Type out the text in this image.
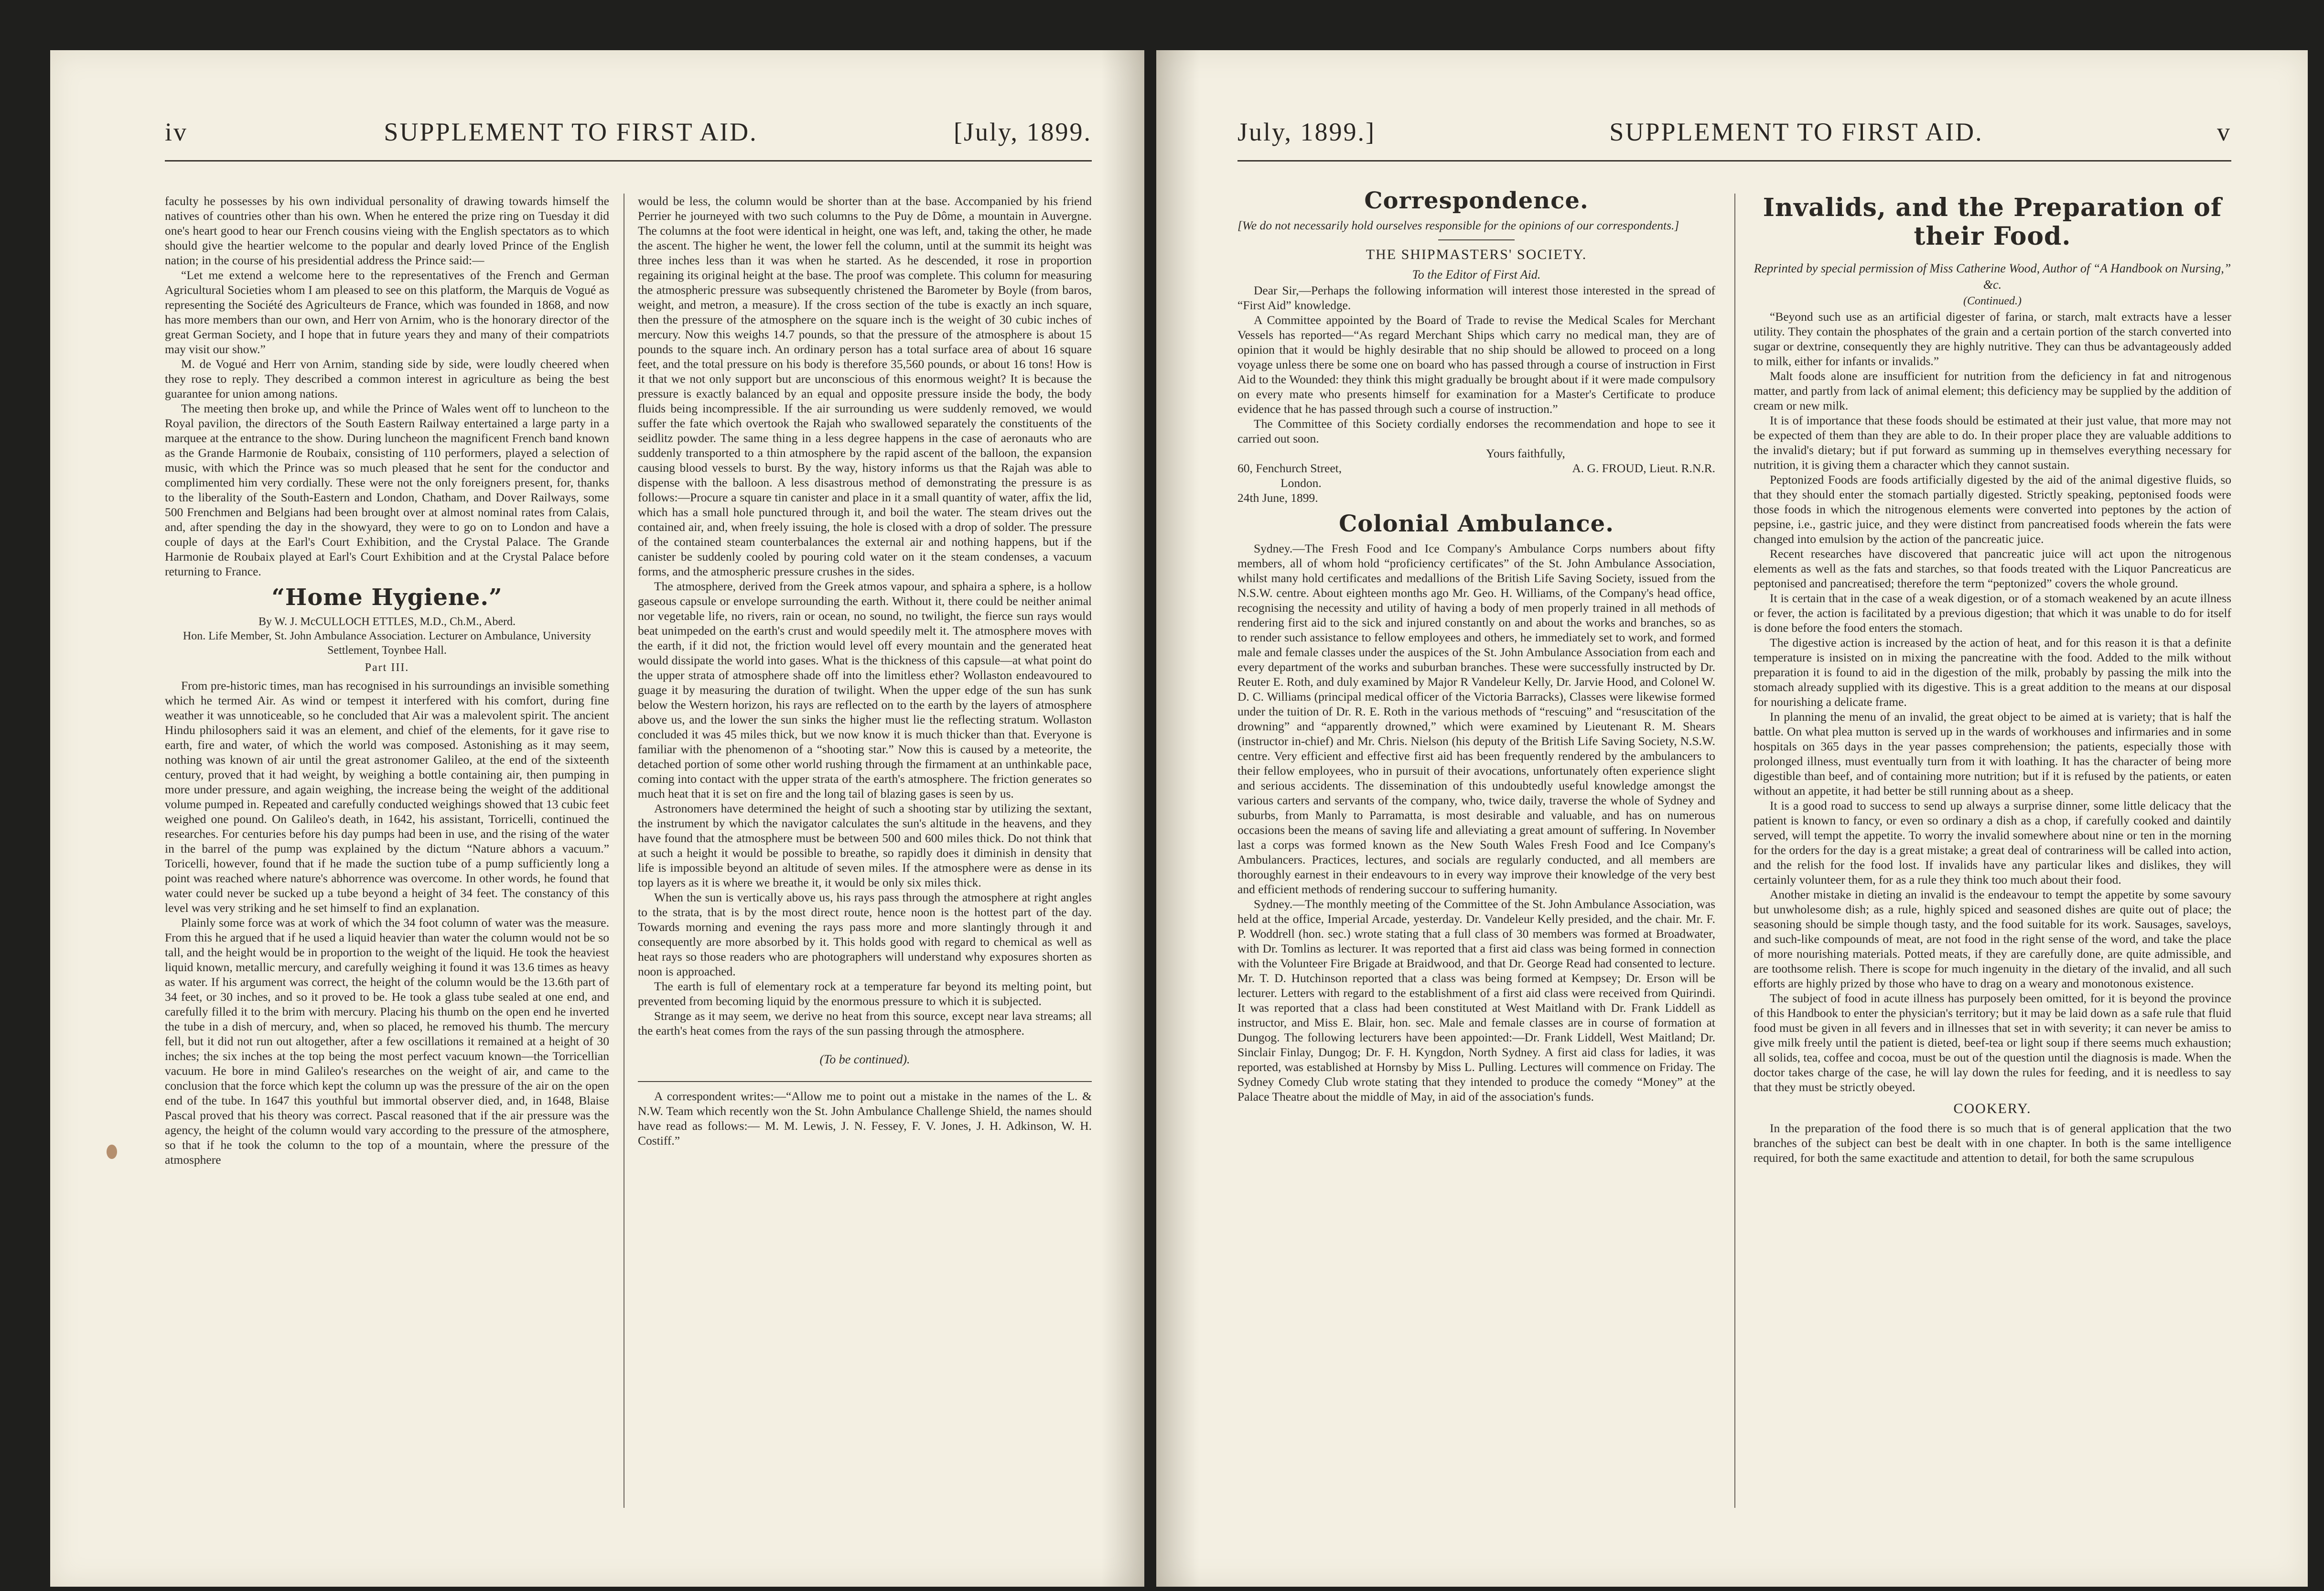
iv	SUPPLEMENT TO FIRST AID.	[July, 1899.

faculty he possesses by his own individual personality of drawing towards himself the natives of countries other than his own. When he entered the prize ring on Tuesday it did one's heart good to hear our French cousins vieing with the English spectators as to which should give the heartier welcome to the popular and dearly loved Prince of the English nation; in the course of his presidential address the Prince said:—

“Let me extend a welcome here to the representatives of the French and German Agricultural Societies whom I am pleased to see on this platform, the Marquis de Vogué as representing the Société des Agriculteurs de France, which was founded in 1868, and now has more members than our own, and Herr von Arnim, who is the honorary director of the great German Society, and I hope that in future years they and many of their compatriots may visit our show.”

M. de Vogué and Herr von Arnim, standing side by side, were loudly cheered when they rose to reply. They described a common interest in agriculture as being the best guarantee for union among nations.

The meeting then broke up, and while the Prince of Wales went off to luncheon to the Royal pavilion, the directors of the South Eastern Railway entertained a large party in a marquee at the entrance to the show. During luncheon the magnificent French band known as the Grande Harmonie de Roubaix, consisting of 110 performers, played a selection of music, with which the Prince was so much pleased that he sent for the conductor and complimented him very cordially. These were not the only foreigners present, for, thanks to the liberality of the South-Eastern and London, Chatham, and Dover Railways, some 500 Frenchmen and Belgians had been brought over at almost nominal rates from Calais, and, after spending the day in the showyard, they were to go on to London and have a couple of days at the Earl's Court Exhibition, and the Crystal Palace. The Grande Harmonie de Roubaix played at Earl's Court Exhibition and at the Crystal Palace before returning to France.

“Home Hygiene.”

By W. J. McCULLOCH ETTLES, M.D., Ch.M., Aberd.

Hon. Life Member, St. John Ambulance Association. Lecturer on Ambulance, University Settlement, Toynbee Hall.

Part III.

From pre-historic times, man has recognised in his surroundings an invisible something which he termed Air. As wind or tempest it interfered with his comfort, during fine weather it was unnoticeable, so he concluded that Air was a malevolent spirit. The ancient Hindu philosophers said it was an element, and chief of the elements, for it gave rise to earth, fire and water, of which the world was composed. Astonishing as it may seem, nothing was known of air until the great astronomer Galileo, at the end of the sixteenth century, proved that it had weight, by weighing a bottle containing air, then pumping in more under pressure, and again weighing, the increase being the weight of the additional volume pumped in. Repeated and carefully conducted weighings showed that 13 cubic feet weighed one pound. On Galileo's death, in 1642, his assistant, Torricelli, continued the researches. For centuries before his day pumps had been in use, and the rising of the water in the barrel of the pump was explained by the dictum “Nature abhors a vacuum.” Toricelli, however, found that if he made the suction tube of a pump sufficiently long a point was reached where nature's abhorrence was overcome. In other words, he found that water could never be sucked up a tube beyond a height of 34 feet. The constancy of this level was very striking and he set himself to find an explanation.

Plainly some force was at work of which the 34 foot column of water was the measure. From this he argued that if he used a liquid heavier than water the column would not be so tall, and the height would be in proportion to the weight of the liquid. He took the heaviest liquid known, metallic mercury, and carefully weighing it found it was 13.6 times as heavy as water. If his argument was correct, the height of the column would be the 13.6th part of 34 feet, or 30 inches, and so it proved to be. He took a glass tube sealed at one end, and carefully filled it to the brim with mercury. Placing his thumb on the open end he inverted the tube in a dish of mercury, and, when so placed, he removed his thumb. The mercury fell, but it did not run out altogether, after a few oscillations it remained at a height of 30 inches; the six inches at the top being the most perfect vacuum known—the Torricellian vacuum. He bore in mind Galileo's researches on the weight of air, and came to the conclusion that the force which kept the column up was the pressure of the air on the open end of the tube. In 1647 this youthful but immortal observer died, and, in 1648, Blaise Pascal proved that his theory was correct. Pascal reasoned that if the air pressure was the agency, the height of the column would vary according to the pressure of the atmosphere, so that if he took the column to the top of a mountain, where the pressure of the atmosphere

would be less, the column would be shorter than at the base. Accompanied by his friend Perrier he journeyed with two such columns to the Puy de Dôme, a mountain in Auvergne. The columns at the foot were identical in height, one was left, and, taking the other, he made the ascent. The higher he went, the lower fell the column, until at the summit its height was three inches less than it was when he started. As he descended, it rose in proportion regaining its original height at the base. The proof was complete. This column for measuring the atmospheric pressure was subsequently christened the Barometer by Boyle (from baros, weight, and metron, a measure). If the cross section of the tube is exactly an inch square, then the pressure of the atmosphere on the square inch is the weight of 30 cubic inches of mercury. Now this weighs 14.7 pounds, so that the pressure of the atmosphere is about 15 pounds to the square inch. An ordinary person has a total surface area of about 16 square feet, and the total pressure on his body is therefore 35,560 pounds, or about 16 tons! How is it that we not only support but are unconscious of this enormous weight? It is because the pressure is exactly balanced by an equal and opposite pressure inside the body, the body fluids being incompressible. If the air surrounding us were suddenly removed, we would suffer the fate which overtook the Rajah who swallowed separately the constituents of the seidlitz powder. The same thing in a less degree happens in the case of aeronauts who are suddenly transported to a thin atmosphere by the rapid ascent of the balloon, the expansion causing blood vessels to burst. By the way, history informs us that the Rajah was able to dispense with the balloon. A less disastrous method of demonstrating the pressure is as follows:—Procure a square tin canister and place in it a small quantity of water, affix the lid, which has a small hole punctured through it, and boil the water. The steam drives out the contained air, and, when freely issuing, the hole is closed with a drop of solder. The pressure of the contained steam counterbalances the external air and nothing happens, but if the canister be suddenly cooled by pouring cold water on it the steam condenses, a vacuum forms, and the atmospheric pressure crushes in the sides.

The atmosphere, derived from the Greek atmos vapour, and sphaira a sphere, is a hollow gaseous capsule or envelope surrounding the earth. Without it, there could be neither animal nor vegetable life, no rivers, rain or ocean, no sound, no twilight, the fierce sun rays would beat unimpeded on the earth's crust and would speedily melt it. The atmosphere moves with the earth, if it did not, the friction would level off every mountain and the generated heat would dissipate the world into gases. What is the thickness of this capsule—at what point do the upper strata of atmosphere shade off into the limitless ether? Wollaston endeavoured to guage it by measuring the duration of twilight. When the upper edge of the sun has sunk below the Western horizon, his rays are reflected on to the earth by the layers of atmosphere above us, and the lower the sun sinks the higher must lie the reflecting stratum. Wollaston concluded it was 45 miles thick, but we now know it is much thicker than that. Everyone is familiar with the phenomenon of a “shooting star.” Now this is caused by a meteorite, the detached portion of some other world rushing through the firmament at an unthinkable pace, coming into contact with the upper strata of the earth's atmosphere. The friction generates so much heat that it is set on fire and the long tail of blazing gases is seen by us.

Astronomers have determined the height of such a shooting star by utilizing the sextant, the instrument by which the navigator calculates the sun's altitude in the heavens, and they have found that the atmosphere must be between 500 and 600 miles thick. Do not think that at such a height it would be possible to breathe, so rapidly does it diminish in density that life is impossible beyond an altitude of seven miles. If the atmosphere were as dense in its top layers as it is where we breathe it, it would be only six miles thick.

When the sun is vertically above us, his rays pass through the atmosphere at right angles to the strata, that is by the most direct route, hence noon is the hottest part of the day. Towards morning and evening the rays pass more and more slantingly through it and consequently are more absorbed by it. This holds good with regard to chemical as well as heat rays so those readers who are photographers will understand why exposures shorten as noon is approached.

The earth is full of elementary rock at a temperature far beyond its melting point, but prevented from becoming liquid by the enormous pressure to which it is subjected.

Strange as it may seem, we derive no heat from this source, except near lava streams; all the earth's heat comes from the rays of the sun passing through the atmosphere.

(To be continued).

A correspondent writes:—“Allow me to point out a mistake in the names of the L. & N.W. Team which recently won the St. John Ambulance Challenge Shield, the names should have read as follows:— M. M. Lewis, J. N. Fessey, F. V. Jones, J. H. Adkinson, W. H. Costiff.”

July, 1899.]	SUPPLEMENT TO FIRST AID.	v

Correspondence.

[We do not necessarily hold ourselves responsible for the opinions of our correspondents.]

THE SHIPMASTERS' SOCIETY.

To the Editor of First Aid.

Dear Sir,—Perhaps the following information will interest those interested in the spread of “First Aid” knowledge.

A Committee appointed by the Board of Trade to revise the Medical Scales for Merchant Vessels has reported—“As regard Merchant Ships which carry no medical man, they are of opinion that it would be highly desirable that no ship should be allowed to proceed on a long voyage unless there be some one on board who has passed through a course of instruction in First Aid to the Wounded: they think this might gradually be brought about if it were made compulsory on every mate who presents himself for examination for a Master's Certificate to produce evidence that he has passed through such a course of instruction.”

The Committee of this Society cordially endorses the recommendation and hope to see it carried out soon.

Yours faithfully,

60, Fenchurch Street,	A. G. FROUD, Lieut. R.N.R.

London.

24th June, 1899.

Colonial Ambulance.

Sydney.—The Fresh Food and Ice Company's Ambulance Corps numbers about fifty members, all of whom hold “proficiency certificates” of the St. John Ambulance Association, whilst many hold certificates and medallions of the British Life Saving Society, issued from the N.S.W. centre. About eighteen months ago Mr. Geo. H. Williams, of the Company's head office, recognising the necessity and utility of having a body of men properly trained in all methods of rendering first aid to the sick and injured constantly on and about the works and branches, so as to render such assistance to fellow employees and others, he immediately set to work, and formed male and female classes under the auspices of the St. John Ambulance Association from each and every department of the works and suburban branches. These were successfully instructed by Dr. Reuter E. Roth, and duly examined by Major R Vandeleur Kelly, Dr. Jarvie Hood, and Colonel W. D. C. Williams (principal medical officer of the Victoria Barracks), Classes were likewise formed under the tuition of Dr. R. E. Roth in the various methods of “rescuing” and “resuscitation of the drowning” and “apparently drowned,” which were examined by Lieutenant R. M. Shears (instructor in-chief) and Mr. Chris. Nielson (his deputy of the British Life Saving Society, N.S.W. centre. Very efficient and effective first aid has been frequently rendered by the ambulancers to their fellow employees, who in pursuit of their avocations, unfortunately often experience slight and serious accidents. The dissemination of this undoubtedly useful knowledge amongst the various carters and servants of the company, who, twice daily, traverse the whole of Sydney and suburbs, from Manly to Parramatta, is most desirable and valuable, and has on numerous occasions been the means of saving life and alleviating a great amount of suffering. In November last a corps was formed known as the New South Wales Fresh Food and Ice Company's Ambulancers. Practices, lectures, and socials are regularly conducted, and all members are thoroughly earnest in their endeavours to in every way improve their knowledge of the very best and efficient methods of rendering succour to suffering humanity.

Sydney.—The monthly meeting of the Committee of the St. John Ambulance Association, was held at the office, Imperial Arcade, yesterday. Dr. Vandeleur Kelly presided, and the chair. Mr. F. P. Woddrell (hon. sec.) wrote stating that a full class of 30 members was formed at Broadwater, with Dr. Tomlins as lecturer. It was reported that a first aid class was being formed in connection with the Volunteer Fire Brigade at Braidwood, and that Dr. George Read had consented to lecture. Mr. T. D. Hutchinson reported that a class was being formed at Kempsey; Dr. Erson will be lecturer. Letters with regard to the establishment of a first aid class were received from Quirindi. It was reported that a class had been constituted at West Maitland with Dr. Frank Liddell as instructor, and Miss E. Blair, hon. sec. Male and female classes are in course of formation at Dungog. The following lecturers have been appointed:—Dr. Frank Liddell, West Maitland; Dr. Sinclair Finlay, Dungog; Dr. F. H. Kyngdon, North Sydney. A first aid class for ladies, it was reported, was established at Hornsby by Miss L. Pulling. Lectures will commence on Friday. The Sydney Comedy Club wrote stating that they intended to produce the comedy “Money” at the Palace Theatre about the middle of May, in aid of the association's funds.

Invalids, and the Preparation of their Food.

Reprinted by special permission of Miss Catherine Wood, Author of “A Handbook on Nursing,” &c.

(Continued.)

“Beyond such use as an artificial digester of farina, or starch, malt extracts have a lesser utility. They contain the phosphates of the grain and a certain portion of the starch converted into sugar or dextrine, consequently they are highly nutritive. They can thus be advantageously added to milk, either for infants or invalids.”

Malt foods alone are insufficient for nutrition from the deficiency in fat and nitrogenous matter, and partly from lack of animal element; this deficiency may be supplied by the addition of cream or new milk.

It is of importance that these foods should be estimated at their just value, that more may not be expected of them than they are able to do. In their proper place they are valuable additions to the invalid's dietary; but if put forward as summing up in themselves everything necessary for nutrition, it is giving them a character which they cannot sustain.

Peptonized Foods are foods artificially digested by the aid of the animal digestive fluids, so that they should enter the stomach partially digested. Strictly speaking, peptonised foods were those foods in which the nitrogenous elements were converted into peptones by the action of pepsine, i.e., gastric juice, and they were distinct from pancreatised foods wherein the fats were changed into emulsion by the action of the pancreatic juice.

Recent researches have discovered that pancreatic juice will act upon the nitrogenous elements as well as the fats and starches, so that foods treated with the Liquor Pancreaticus are peptonised and pancreatised; therefore the term “peptonized” covers the whole ground.

It is certain that in the case of a weak digestion, or of a stomach weakened by an acute illness or fever, the action is facilitated by a previous digestion; that which it was unable to do for itself is done before the food enters the stomach.

The digestive action is increased by the action of heat, and for this reason it is that a definite temperature is insisted on in mixing the pancreatine with the food. Added to the milk without preparation it is found to aid in the digestion of the milk, probably by passing the milk into the stomach already supplied with its digestive. This is a great addition to the means at our disposal for nourishing a delicate frame.

In planning the menu of an invalid, the great object to be aimed at is variety; that is half the battle. On what plea mutton is served up in the wards of workhouses and infirmaries and in some hospitals on 365 days in the year passes comprehension; the patients, especially those with prolonged illness, must eventually turn from it with loathing. It has the character of being more digestible than beef, and of containing more nutrition; but if it is refused by the patients, or eaten without an appetite, it had better be still running about as a sheep.

It is a good road to success to send up always a surprise dinner, some little delicacy that the patient is known to fancy, or even so ordinary a dish as a chop, if carefully cooked and daintily served, will tempt the appetite. To worry the invalid somewhere about nine or ten in the morning for the orders for the day is a great mistake; a great deal of contrariness will be called into action, and the relish for the food lost. If invalids have any particular likes and dislikes, they will certainly volunteer them, for as a rule they think too much about their food.

Another mistake in dieting an invalid is the endeavour to tempt the appetite by some savoury but unwholesome dish; as a rule, highly spiced and seasoned dishes are quite out of place; the seasoning should be simple though tasty, and the food suitable for its work. Sausages, saveloys, and such-like compounds of meat, are not food in the right sense of the word, and take the place of more nourishing materials. Potted meats, if they are carefully done, are quite admissible, and are toothsome relish. There is scope for much ingenuity in the dietary of the invalid, and all such efforts are highly prized by those who have to drag on a weary and monotonous existence.

The subject of food in acute illness has purposely been omitted, for it is beyond the province of this Handbook to enter the physician's territory; but it may be laid down as a safe rule that fluid food must be given in all fevers and in illnesses that set in with severity; it can never be amiss to give milk freely until the patient is dieted, beef-tea or light soup if there seems much exhaustion; all solids, tea, coffee and cocoa, must be out of the question until the diagnosis is made. When the doctor takes charge of the case, he will lay down the rules for feeding, and it is needless to say that they must be strictly obeyed.

COOKERY.

In the preparation of the food there is so much that is of general application that the two branches of the subject can best be dealt with in one chapter. In both is the same intelligence required, for both the same exactitude and attention to detail, for both the same scrupulous
